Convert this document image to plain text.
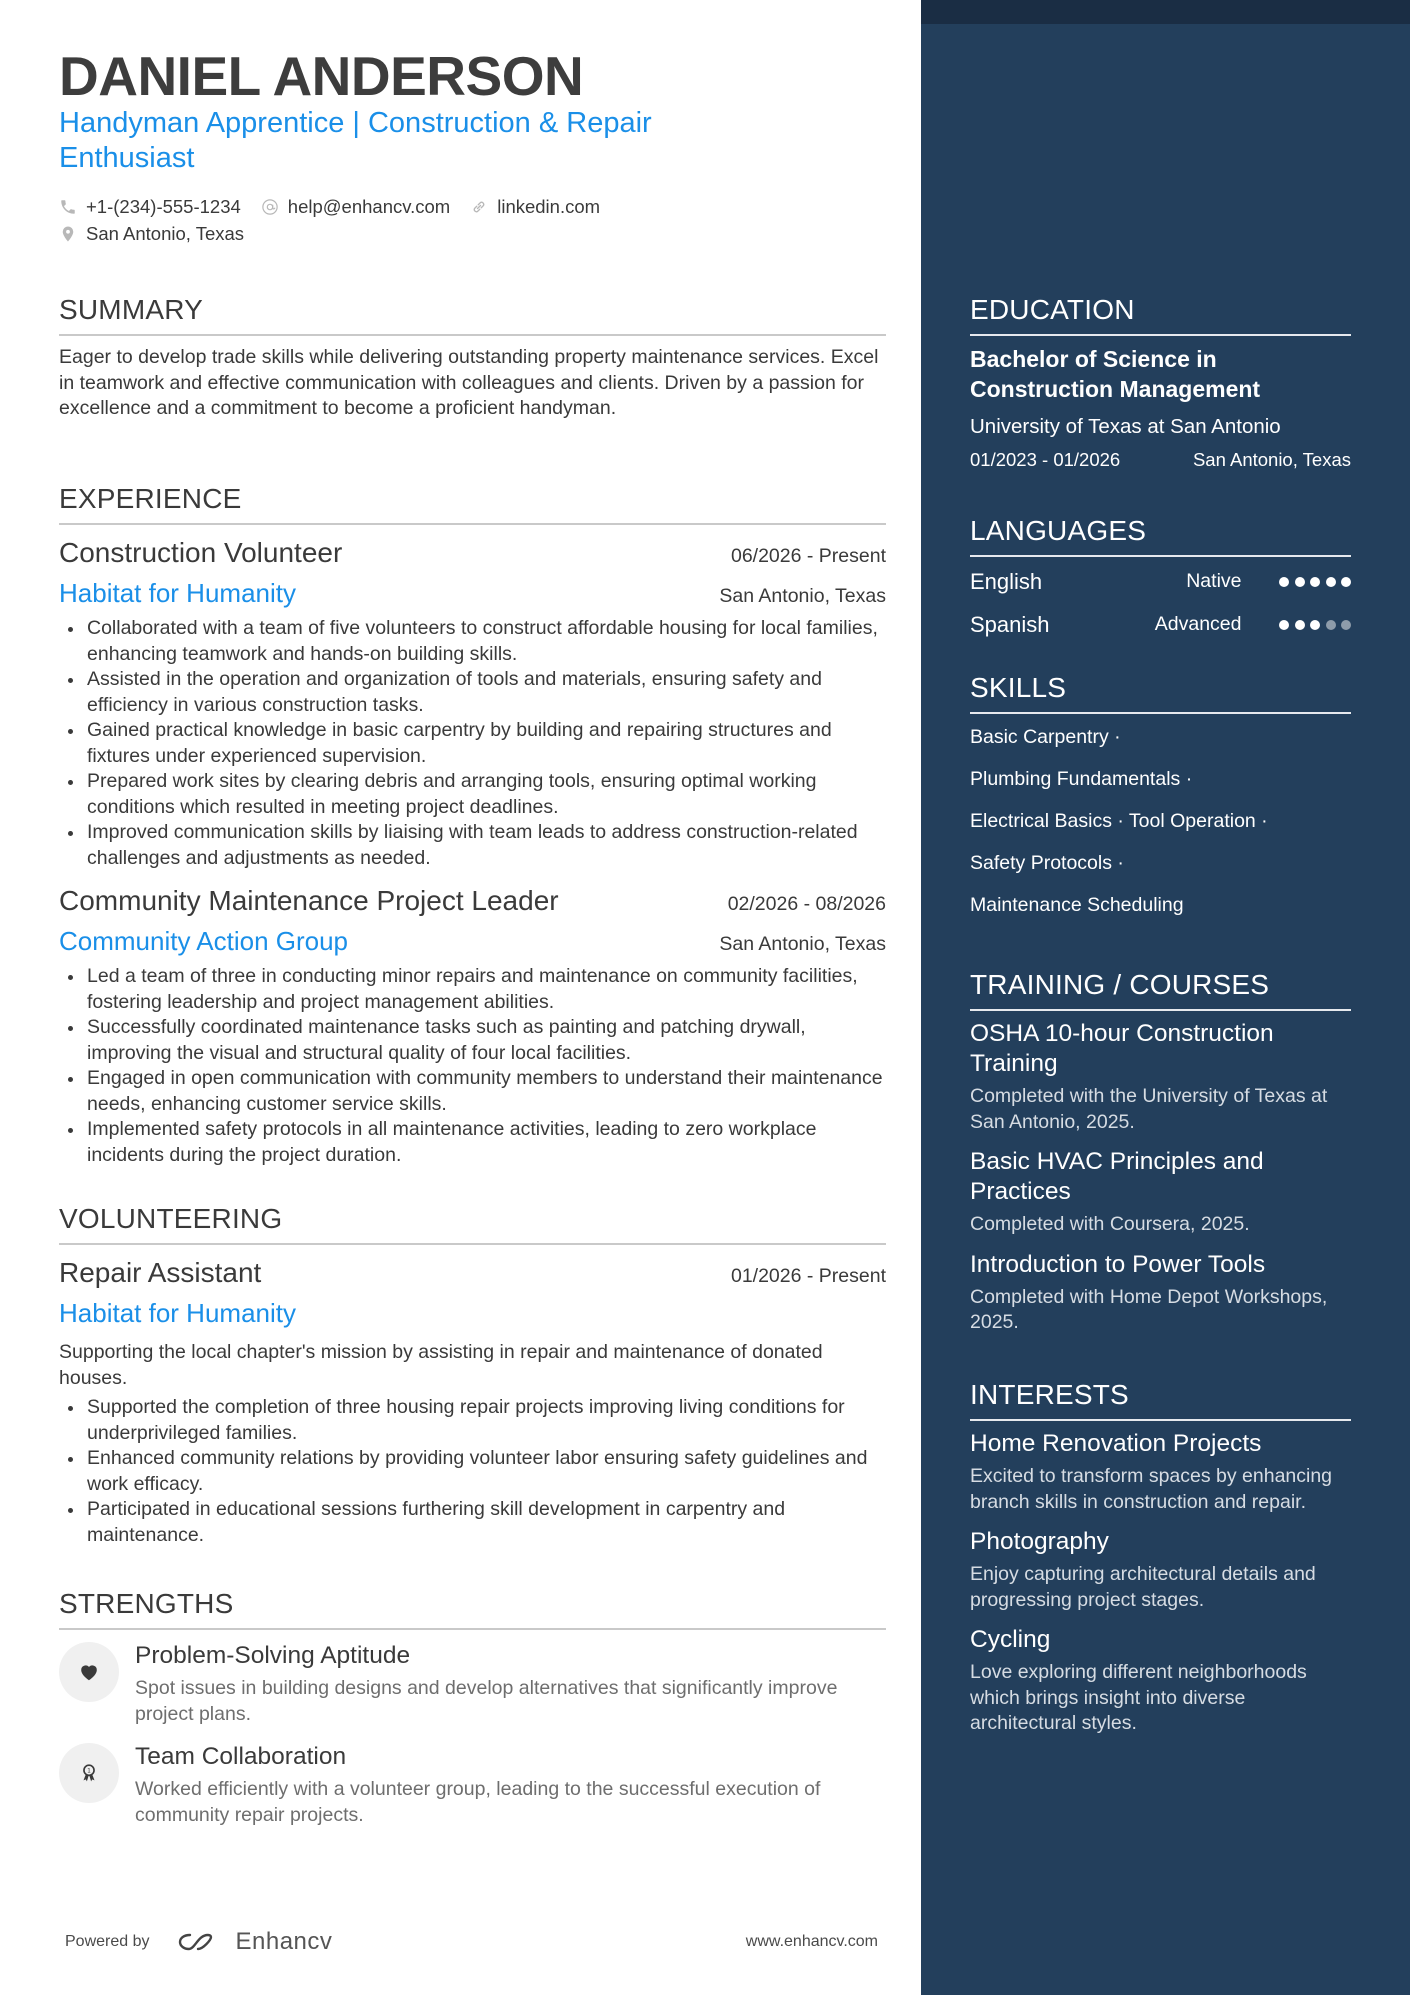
DANIEL ANDERSON
Handyman Apprentice | Construction & Repair Enthusiast
+1-(234)-555-1234	help@enhancv.com	linkedin.com
San Antonio, Texas
SUMMARY
Eager to develop trade skills while delivering outstanding property maintenance services. Excel in teamwork and effective communication with colleagues and clients. Driven by a passion for excellence and a commitment to become a proficient handyman.
EXPERIENCE
Construction Volunteer	06/2026 - Present
Habitat for Humanity	San Antonio, Texas
Collaborated with a team of five volunteers to construct affordable housing for local families, enhancing teamwork and hands-on building skills.
Assisted in the operation and organization of tools and materials, ensuring safety and efficiency in various construction tasks.
Gained practical knowledge in basic carpentry by building and repairing structures and fixtures under experienced supervision.
Prepared work sites by clearing debris and arranging tools, ensuring optimal working conditions which resulted in meeting project deadlines.
Improved communication skills by liaising with team leads to address construction-related challenges and adjustments as needed.
Community Maintenance Project Leader	02/2026 - 08/2026
Community Action Group	San Antonio, Texas
Led a team of three in conducting minor repairs and maintenance on community facilities, fostering leadership and project management abilities.
Successfully coordinated maintenance tasks such as painting and patching drywall, improving the visual and structural quality of four local facilities.
Engaged in open communication with community members to understand their maintenance needs, enhancing customer service skills.
Implemented safety protocols in all maintenance activities, leading to zero workplace incidents during the project duration.
VOLUNTEERING
Repair Assistant	01/2026 - Present
Habitat for Humanity
Supporting the local chapter's mission by assisting in repair and maintenance of donated houses.
Supported the completion of three housing repair projects improving living conditions for underprivileged families.
Enhanced community relations by providing volunteer labor ensuring safety guidelines and work efficacy.
Participated in educational sessions furthering skill development in carpentry and maintenance.
STRENGTHS
Problem-Solving Aptitude
Spot issues in building designs and develop alternatives that significantly improve project plans.
1
Team Collaboration
Worked efficiently with a volunteer group, leading to the successful execution of community repair projects.
Powered by	Enhancv	www.enhancv.com
EDUCATION
Bachelor of Science in Construction Management
University of Texas at San Antonio
01/2023 - 01/2026	San Antonio, Texas
LANGUAGES
English	Native
Spanish	Advanced
SKILLS
Basic Carpentry ·
Plumbing Fundamentals ·
Electrical Basics · Tool Operation ·
Safety Protocols ·
Maintenance Scheduling
TRAINING / COURSES
OSHA 10-hour Construction Training
Completed with the University of Texas at San Antonio, 2025.
Basic HVAC Principles and Practices
Completed with Coursera, 2025.
Introduction to Power Tools
Completed with Home Depot Workshops, 2025.
INTERESTS
Home Renovation Projects
Excited to transform spaces by enhancing branch skills in construction and repair.
Photography
Enjoy capturing architectural details and progressing project stages.
Cycling
Love exploring different neighborhoods which brings insight into diverse architectural styles.
